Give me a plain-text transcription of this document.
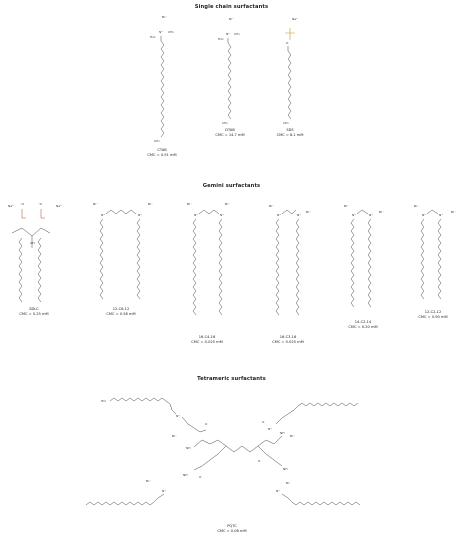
Single chain surfactants
Gemini surfactants
Tetrameric surfactants
Br⁻
H₃C
N⁺ CH₃
CH₃
Br⁻
H₃C
N⁺ CH₃
CH₃
Na⁺
O
CH₃
Na⁺	Na⁺
⁻O	⁻O
OH
Br⁻	Br⁻
N⁺	N⁺
Br⁻	Br⁻
N⁺	N⁺
Br⁻
Br⁻
N⁺	N⁺
Br⁻
Br⁻
N⁺	N⁺
Br⁻
Br⁻
N⁺	N⁺
HO
N⁺
Br⁻
O
NH
NH
O
N⁺
Br⁻
NH	O
Br⁻
N⁺
O
NH
Br⁻
N⁺
CTAB
CMC = 0.91 mM
DTAB
CMC = 14.7 mM
SDS
CMC = 8.1 mM
SDLC
CMC = 0.25 mM
12-C6-12
CMC = 0.58 mM
16-C4-16
CMC = 0.025 mM
16-C3-16
CMC = 0.025 mM
14-C2-14
CMC = 0.20 mM
12-C2-12
CMC = 0.90 mM
PQTC
CMC = 0.08 mM
